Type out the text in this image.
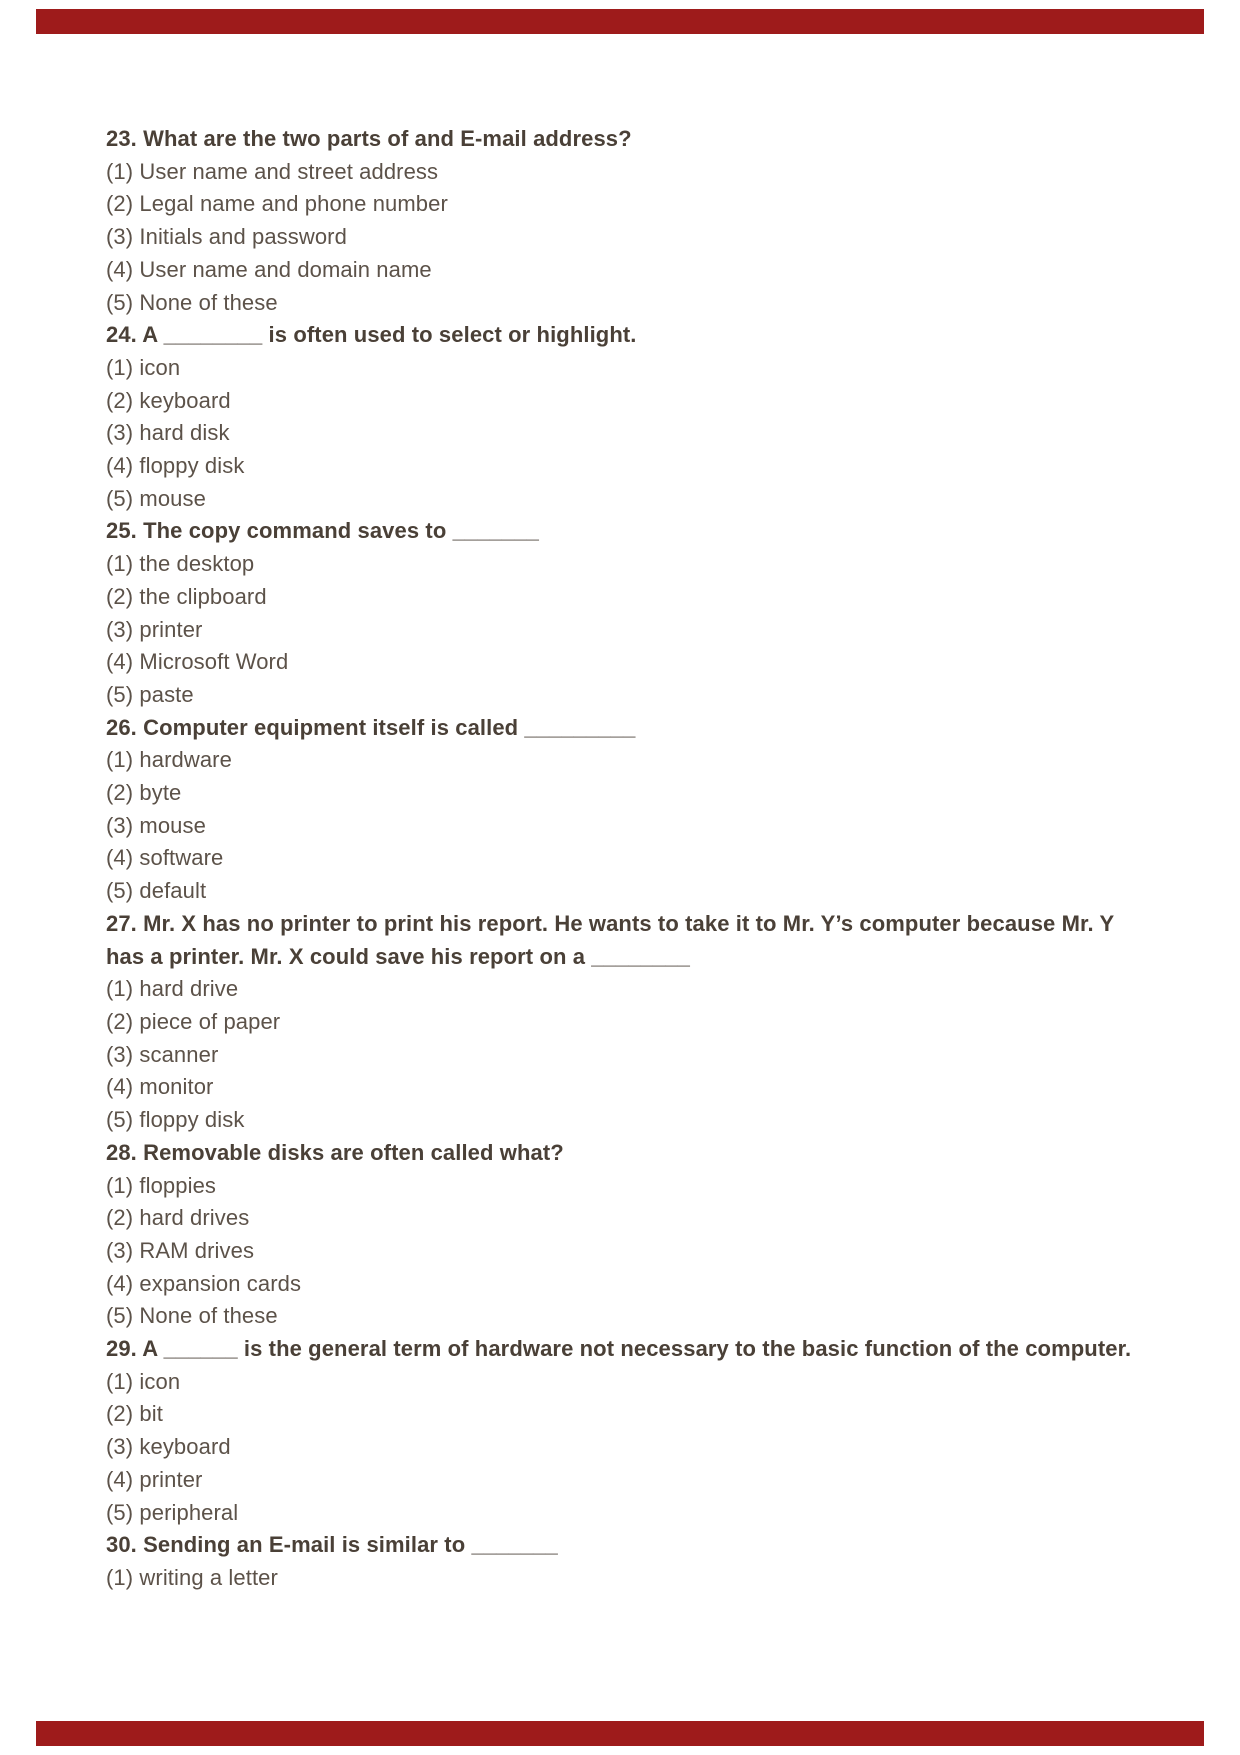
23. What are the two parts of and E-mail address?
(1) User name and street address
(2) Legal name and phone number
(3) Initials and password
(4) User name and domain name
(5) None of these
24. A ________ is often used to select or highlight.
(1) icon
(2) keyboard
(3) hard disk
(4) floppy disk
(5) mouse
25. The copy command saves to _______
(1) the desktop
(2) the clipboard
(3) printer
(4) Microsoft Word
(5) paste
26. Computer equipment itself is called _________
(1) hardware
(2) byte
(3) mouse
(4) software
(5) default
27. Mr. X has no printer to print his report. He wants to take it to Mr. Y’s computer because Mr. Y has a printer. Mr. X could save his report on a ________
(1) hard drive
(2) piece of paper
(3) scanner
(4) monitor
(5) floppy disk
28. Removable disks are often called what?
(1) floppies
(2) hard drives
(3) RAM drives
(4) expansion cards
(5) None of these
29. A ______ is the general term of hardware not necessary to the basic function of the computer.
(1) icon
(2) bit
(3) keyboard
(4) printer
(5) peripheral
30. Sending an E-mail is similar to _______
(1) writing a letter
